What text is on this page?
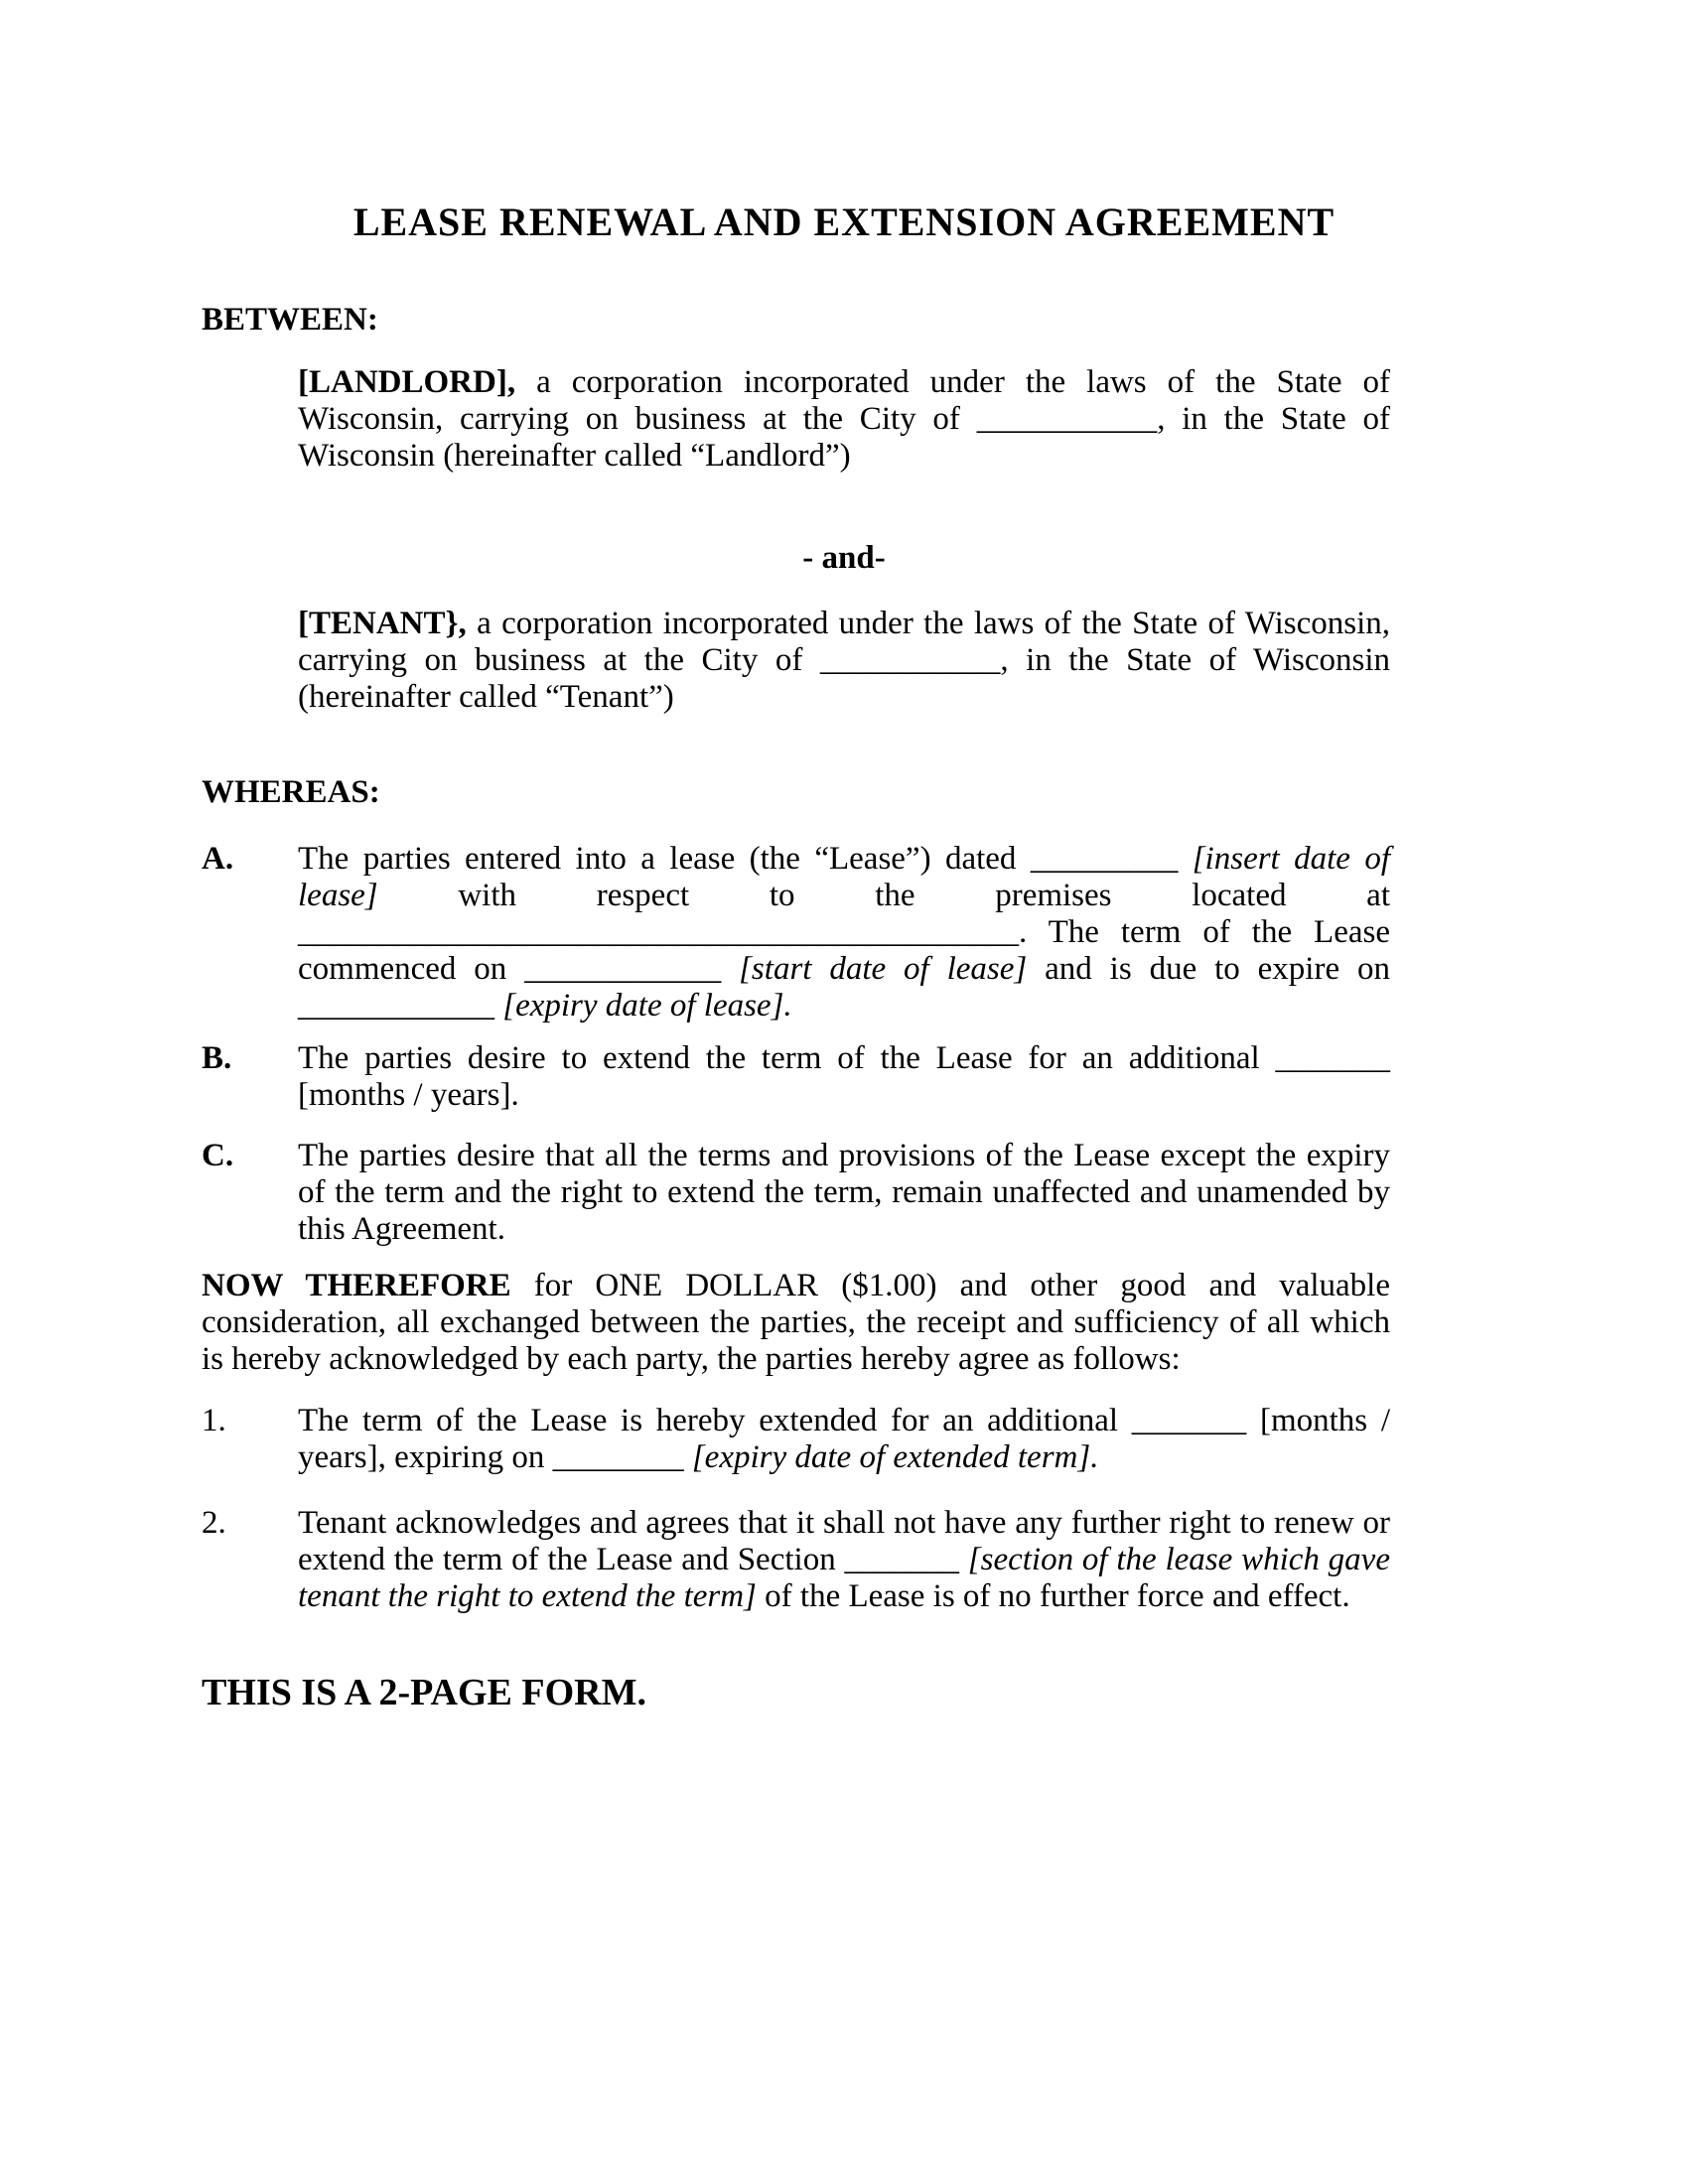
LEASE RENEWAL AND EXTENSION AGREEMENT
BETWEEN:
[LANDLORD], a corporation incorporated under the laws of the State of Wisconsin, carrying on business at the City of ___________, in the State of Wisconsin (hereinafter called “Landlord”)
- and-
[TENANT}, a corporation incorporated under the laws of the State of Wisconsin, carrying on business at the City of ___________, in the State of Wisconsin (hereinafter called “Tenant”)
WHEREAS:
A.	The parties entered into a lease (the “Lease”) dated _________ [insert date of lease] with respect to the premises located at ____________________________________________. The term of the Lease commenced on ____________ [start date of lease] and is due to expire on ____________ [expiry date of lease].
B.	The parties desire to extend the term of the Lease for an additional _______ [months / years].
C.	The parties desire that all the terms and provisions of the Lease except the expiry of the term and the right to extend the term, remain unaffected and unamended by this Agreement.
NOW THEREFORE for ONE DOLLAR ($1.00) and other good and valuable consideration, all exchanged between the parties, the receipt and sufficiency of all which is hereby acknowledged by each party, the parties hereby agree as follows:
1.	The term of the Lease is hereby extended for an additional _______ [months / years], expiring on ________ [expiry date of extended term].
2.	Tenant acknowledges and agrees that it shall not have any further right to renew or extend the term of the Lease and Section _______ [section of the lease which gave tenant the right to extend the term] of the Lease is of no further force and effect.
THIS IS A 2-PAGE FORM.
